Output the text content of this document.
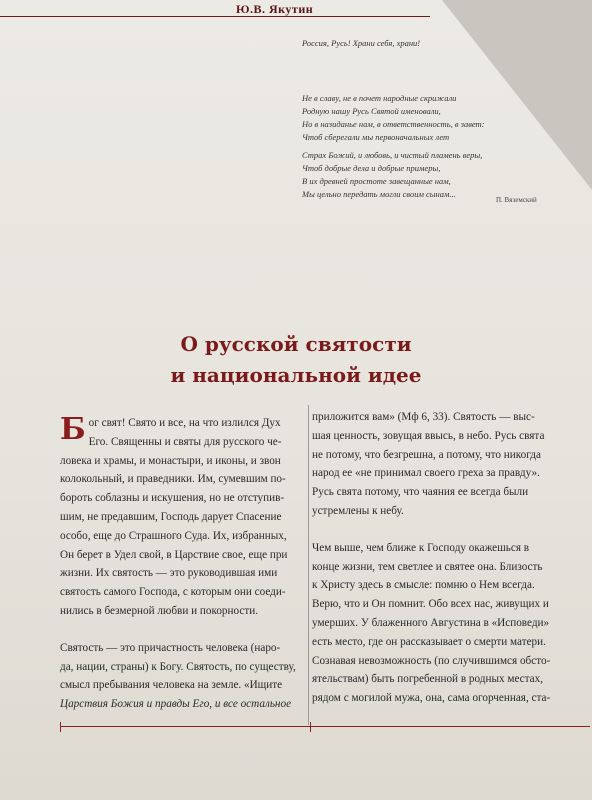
Ю.В. Якутин
Н. Г
Россия, Русь! Храни себя, храни!
Не в славу, не в почет народные скрижали
Родную нашу Русь Святой именовали,
Но в назиданье нам, в ответственность, в завет:
Чтоб сберегали мы первоначальных лет
Страх Божий, и любовь, и чистый пламень веры,
Чтоб добрые дела и добрые примеры,
В их древней простоте завещанные нам,
Мы цельно передать могли своим сынам...
П. Вяземский
О русской святости
и национальной идее
Б ог свят! Свято и все, на что излился Дух
Его. Священны и святы для русского че-
ловека и храмы, и монастыри, и иконы, и звон
колокольный, и праведники. Им, сумевшим по-
бороть соблазны и искушения, но не отступив-
шим, не предавшим, Господь дарует Спасение
особо, еще до Страшного Суда. Их, избранных,
Он берет в Удел свой, в Царствие свое, еще при
жизни. Их святость — это руководившая ими
святость самого Господа, с которым они соеди-
нились в безмерной любви и покорности.
Святость — это причастность человека (наро-
да, нации, страны) к Богу. Святость, по существу,
смысл пребывания человека на земле. «Ищите
Царствия Божия и правды Его, и все остальное
приложится вам» (Мф 6, 33). Святость — выс-
шая ценность, зовущая ввысь, в небо. Русь свята
не потому, что безгрешна, а потому, что никогда
народ ее «не принимал своего греха за правду».
Русь свята потому, что чаяния ее всегда были
устремлены к небу.
Чем выше, чем ближе к Господу окажешься в
конце жизни, тем светлее и святее она. Близость
к Христу здесь в смысле: помню о Нем всегда.
Верю, что и Он помнит. Обо всех нас, живущих и
умерших. У блаженного Августина в «Исповеди»
есть место, где он рассказывает о смерти матери.
Сознавая невозможность (по случившимся обсто-
ятельствам) быть погребенной в родных местах,
рядом с могилой мужа, она, сама огорченная, ста-
